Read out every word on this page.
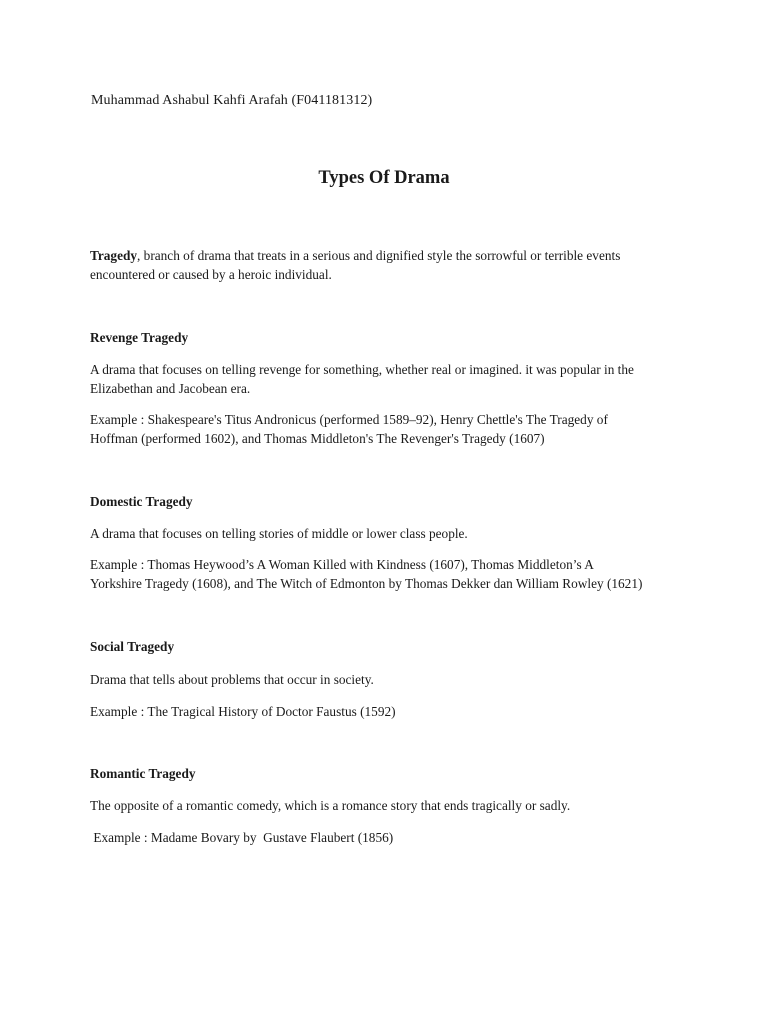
Muhammad Ashabul Kahfi Arafah (F041181312)
Types Of Drama
Tragedy, branch of drama that treats in a serious and dignified style the sorrowful or terrible events
encountered or caused by a heroic individual.
Revenge Tragedy
A drama that focuses on telling revenge for something, whether real or imagined. it was popular in the
Elizabethan and Jacobean era.
Example : Shakespeare's Titus Andronicus (performed 1589–92), Henry Chettle's The Tragedy of
Hoffman (performed 1602), and Thomas Middleton's The Revenger's Tragedy (1607)
Domestic Tragedy
A drama that focuses on telling stories of middle or lower class people.
Example : Thomas Heywood’s A Woman Killed with Kindness (1607), Thomas Middleton’s A
Yorkshire Tragedy (1608), and The Witch of Edmonton by Thomas Dekker dan William Rowley (1621)
Social Tragedy
Drama that tells about problems that occur in society.
Example : The Tragical History of Doctor Faustus (1592)
Romantic Tragedy
The opposite of a romantic comedy, which is a romance story that ends tragically or sadly.
Example : Madame Bovary by  Gustave Flaubert (1856)
